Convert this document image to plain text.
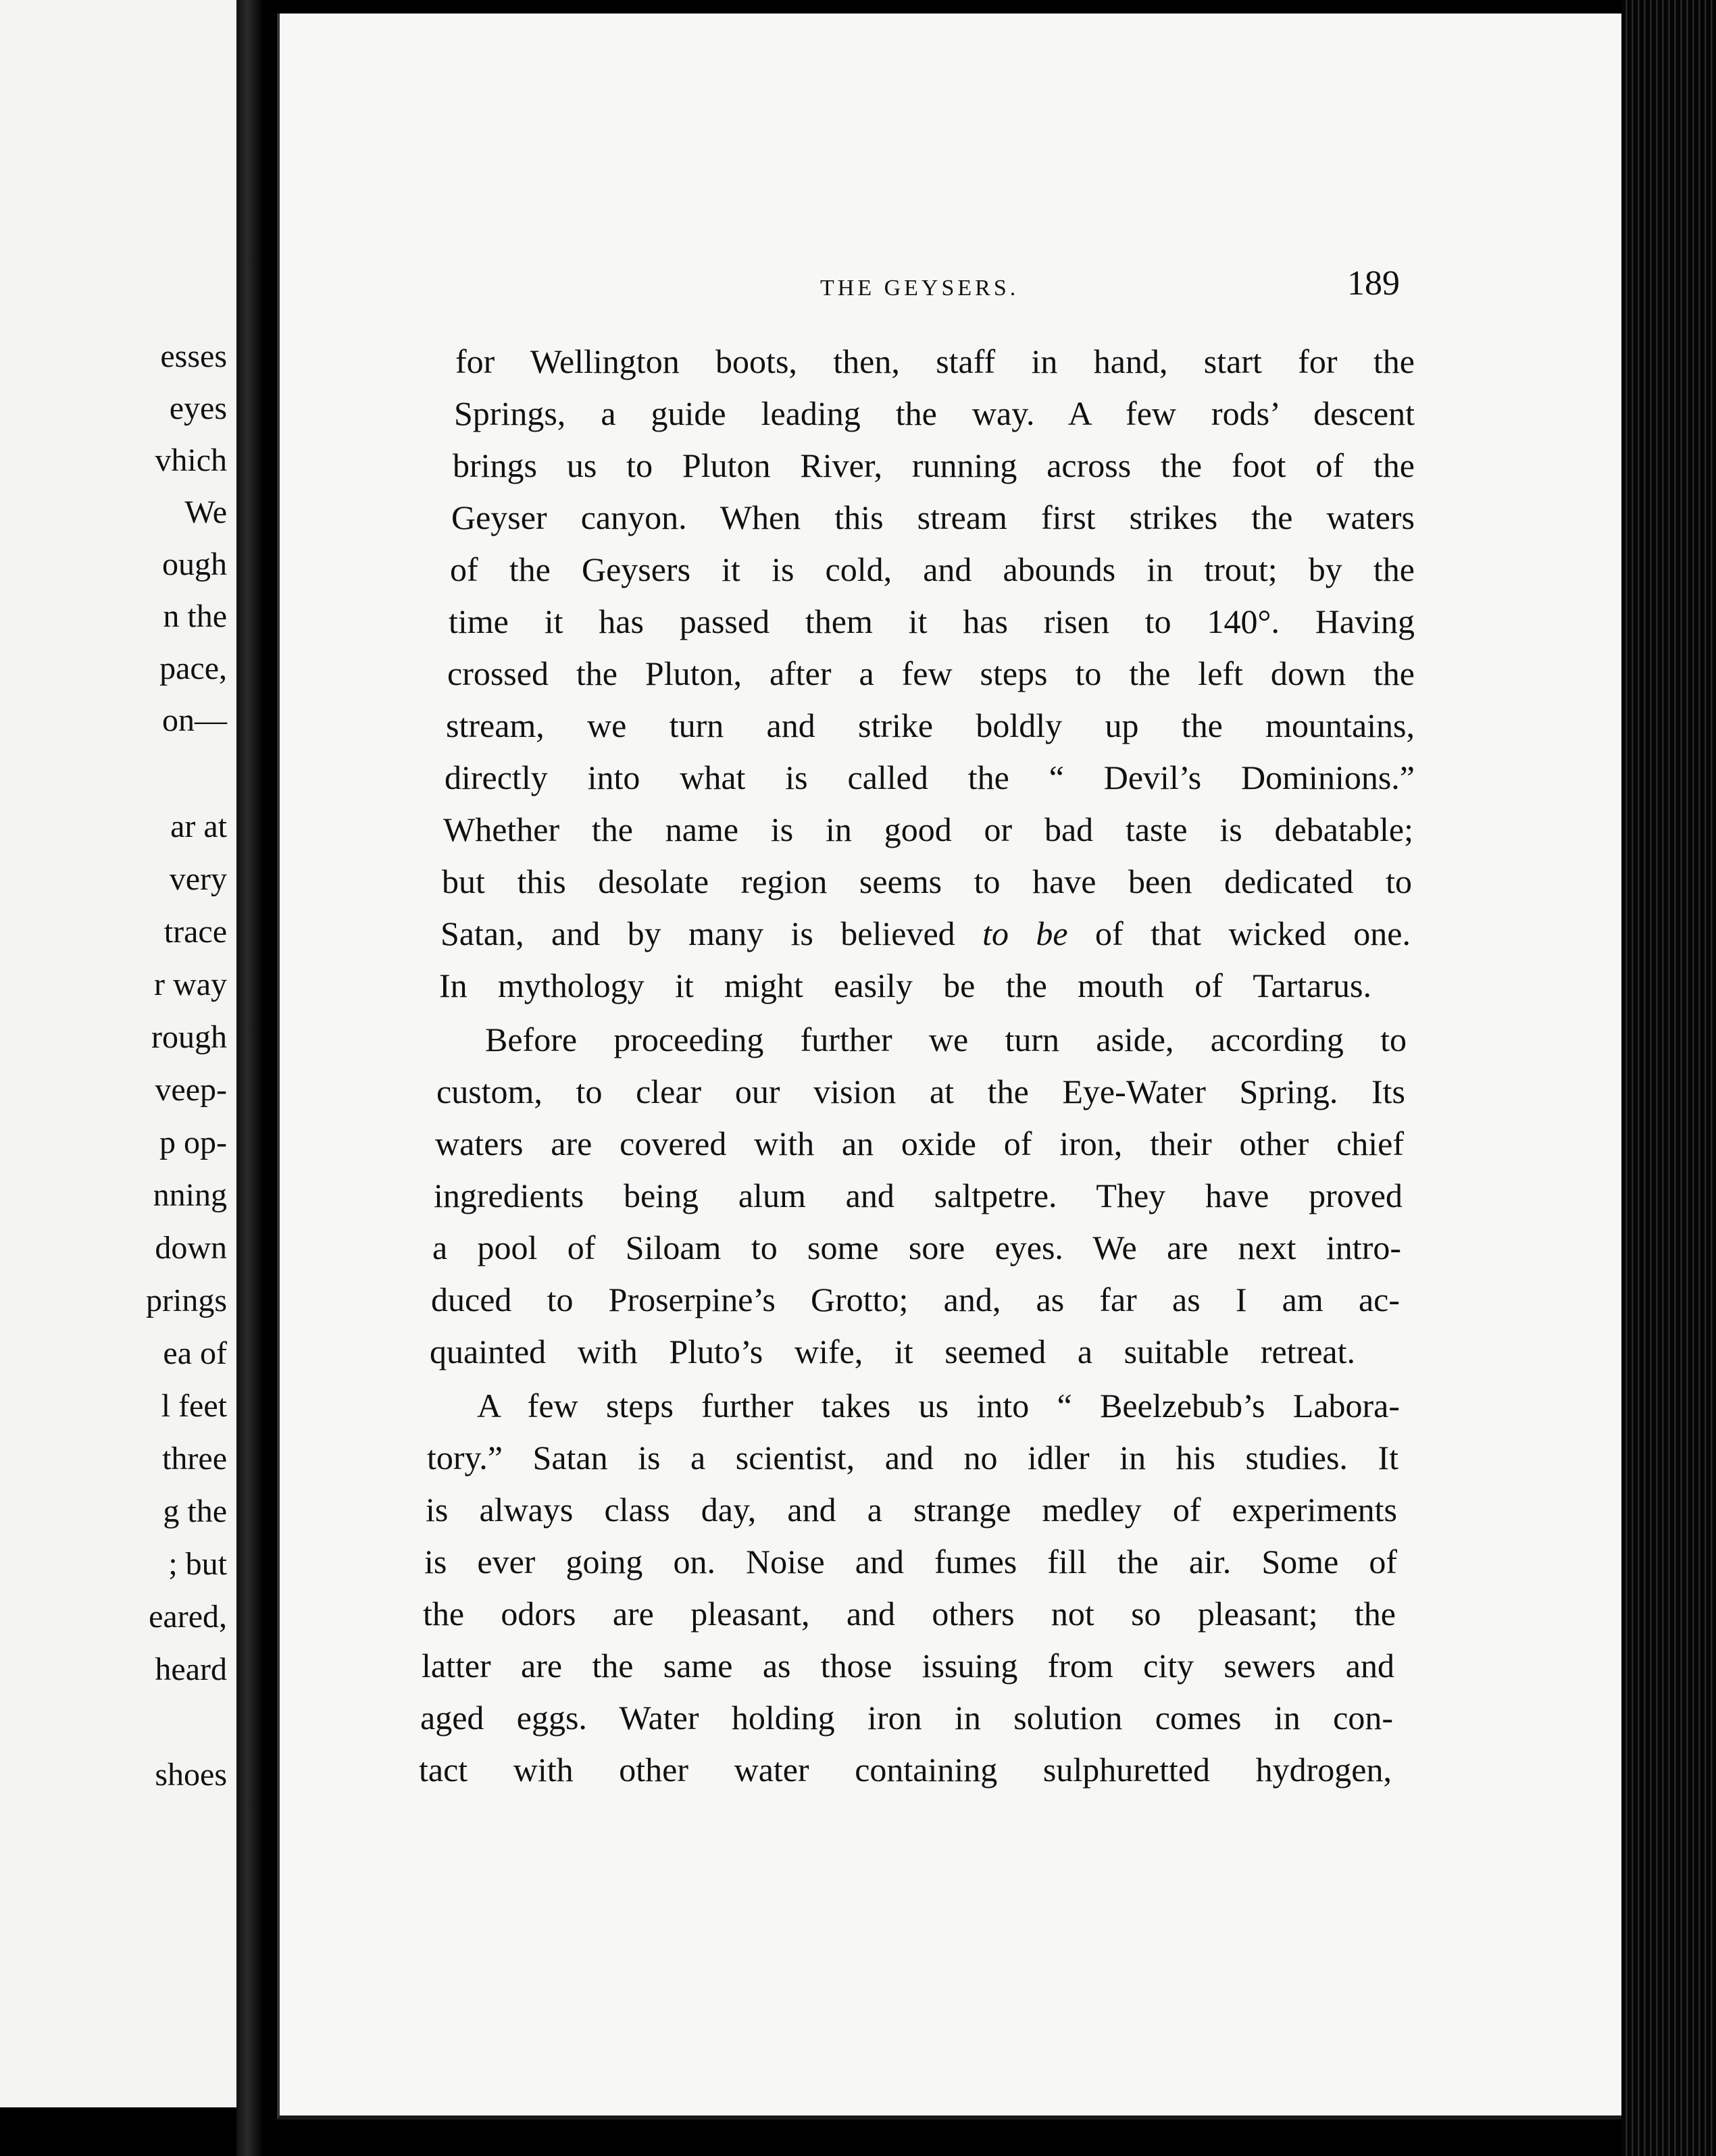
esses
eyes
vhich
We
ough
n the
pace,
on—
ar at
very
trace
r way
rough
veep-
p op-
nning
down
prings
ea of
l feet
three
g the
; but
eared,
heard
shoes
THE GEYSERS.	189
for Wellington boots, then, staff in hand, start for the
Springs, a guide leading the way. A few rods’ descent
brings us to Pluton River, running across the foot of the
Geyser canyon. When this stream first strikes the waters
of the Geysers it is cold, and abounds in trout; by the
time it has passed them it has risen to 140°. Having
crossed the Pluton, after a few steps to the left down the
stream, we turn and strike boldly up the mountains,
directly into what is called the “ Devil’s Dominions.”
Whether the name is in good or bad taste is debatable;
but this desolate region seems to have been dedicated to
Satan, and by many is believed to be of that wicked one.
In mythology it might easily be the mouth of Tartarus.
Before proceeding further we turn aside, according to
custom, to clear our vision at the Eye-Water Spring. Its
waters are covered with an oxide of iron, their other chief
ingredients being alum and saltpetre. They have proved
a pool of Siloam to some sore eyes. We are next intro-
duced to Proserpine’s Grotto; and, as far as I am ac-
quainted with Pluto’s wife, it seemed a suitable retreat.
A few steps further takes us into “ Beelzebub’s Labora-
tory.” Satan is a scientist, and no idler in his studies. It
is always class day, and a strange medley of experiments
is ever going on. Noise and fumes fill the air. Some of
the odors are pleasant, and others not so pleasant; the
latter are the same as those issuing from city sewers and
aged eggs. Water holding iron in solution comes in con-
tact with other water containing sulphuretted hydrogen,
